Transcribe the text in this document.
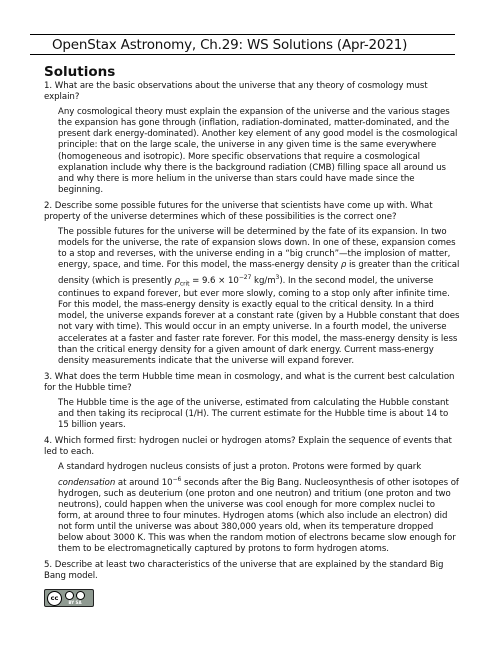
OpenStax Astronomy, Ch.29: WS Solutions (Apr-2021)
Solutions
1. What are the basic observations about the universe that any theory of cosmology must explain?
Any cosmological theory must explain the expansion of the universe and the various stages the expansion has gone through (inflation, radiation-dominated, matter-dominated, and the present dark energy-dominated). Another key element of any good model is the cosmological principle: that on the large scale, the universe in any given time is the same everywhere (homogeneous and isotropic). More specific observations that require a cosmological explanation include why there is the background radiation (CMB) filling space all around us and why there is more helium in the universe than stars could have made since the beginning.
2. Describe some possible futures for the universe that scientists have come up with. What property of the universe determines which of these possibilities is the correct one?
The possible futures for the universe will be determined by the fate of its expansion. In two models for the universe, the rate of expansion slows down. In one of these, expansion comes to a stop and reverses, with the universe ending in a “big crunch”—the implosion of matter, energy, space, and time. For this model, the mass-energy density ρ is greater than the critical density (which is presently $\rho_{crit} = 9.6 \times 10^{-27}$ $kg/m^3$). In the second model, the universe continues to expand forever, but ever more slowly, coming to a stop only after infinite time. For this model, the mass-energy density is exactly equal to the critical density. In a third model, the universe expands forever at a constant rate (given by a Hubble constant that does not vary with time). This would occur in an empty universe. In a fourth model, the universe accelerates at a faster and faster rate forever. For this model, the mass-energy density is less than the critical energy density for a given amount of dark energy. Current mass-energy density measurements indicate that the universe will expand forever.
3. What does the term Hubble time mean in cosmology, and what is the current best calculation for the Hubble time?
The Hubble time is the age of the universe, estimated from calculating the Hubble constant and then taking its reciprocal (1/H). The current estimate for the Hubble time is about 14 to 15 billion years.
4. Which formed first: hydrogen nuclei or hydrogen atoms? Explain the sequence of events that led to each.
A standard hydrogen nucleus consists of just a proton. Protons were formed by quark condensation at around $10^{-6}$ seconds after the Big Bang. Nucleosynthesis of other isotopes of hydrogen, such as deuterium (one proton and one neutron) and tritium (one proton and two neutrons), could happen when the universe was cool enough for more complex nuclei to form, at around three to four minutes. Hydrogen atoms (which also include an electron) did not form until the universe was about 380,000 years old, when its temperature dropped below about 3000 K. This was when the random motion of electrons became slow enough for them to be electromagnetically captured by protons to form hydrogen atoms.
5. Describe at least two characteristics of the universe that are explained by the standard Big Bang model.
cc
BY SA
